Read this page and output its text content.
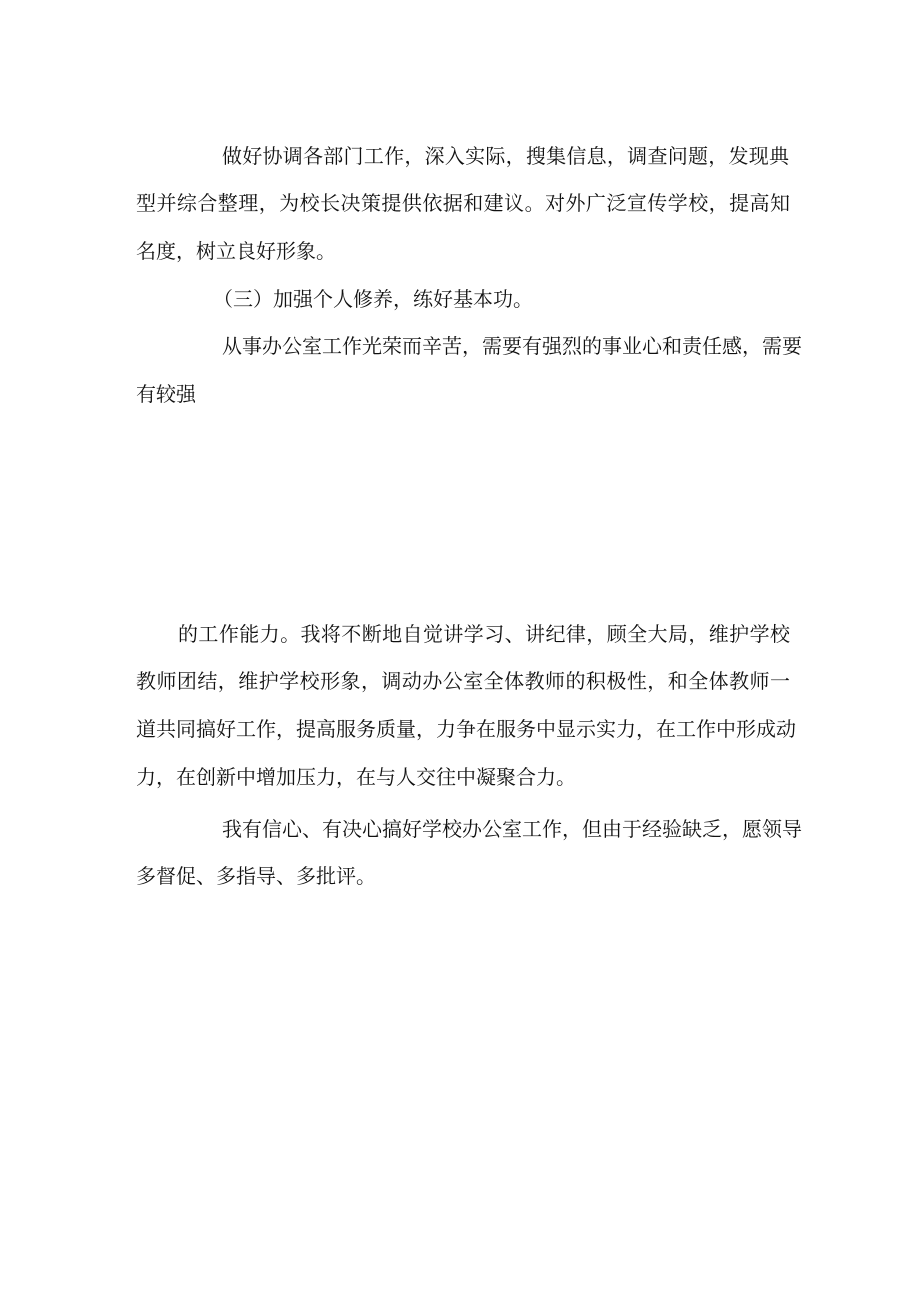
做好协调各部门工作，深入实际，搜集信息，调查问题，发现典

型并综合整理，为校长决策提供依据和建议。对外广泛宣传学校，提高知

名度，树立良好形象。

（三）加强个人修养，练好基本功。

从事办公室工作光荣而辛苦，需要有强烈的事业心和责任感，需要

有较强

的工作能力。我将不断地自觉讲学习、讲纪律，顾全大局，维护学校

教师团结，维护学校形象，调动办公室全体教师的积极性，和全体教师一

道共同搞好工作，提高服务质量，力争在服务中显示实力，在工作中形成动

力，在创新中增加压力，在与人交往中凝聚合力。

我有信心、有决心搞好学校办公室工作，但由于经验缺乏，愿领导

多督促、多指导、多批评。
